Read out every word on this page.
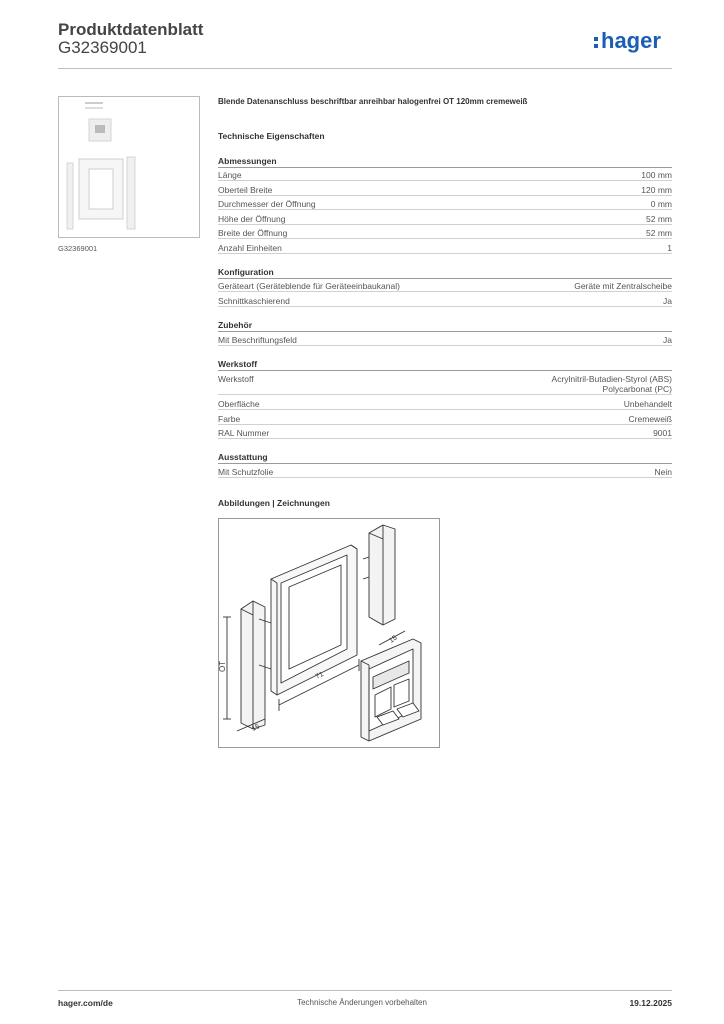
Produktdatenblatt
G32369001	hager
G32369001
Blende Datenanschluss beschriftbar anreihbar halogenfrei OT 120mm cremeweiß
Technische Eigenschaften
Abmessungen
Länge	100 mm
Oberteil Breite	120 mm
Durchmesser der Öffnung	0 mm
Höhe der Öffnung	52 mm
Breite der Öffnung	52 mm
Anzahl Einheiten	1
Konfiguration
Geräteart (Geräteblende für Geräteeinbaukanal)	Geräte mit Zentralscheibe
Schnittkaschierend	Ja
Zubehör
Mit Beschriftungsfeld	Ja
Werkstoff
Werkstoff	Acrylnitril-Butadien-Styrol (ABS)
Polycarbonat (PC)
Oberfläche	Unbehandelt
Farbe	Cremeweiß
RAL Nummer	9001
Ausstattung
Mit Schutzfolie	Nein
Abbildungen | Zeichnungen
OT
15
71
15
hager.com/de	Technische Änderungen vorbehalten	19.12.2025
